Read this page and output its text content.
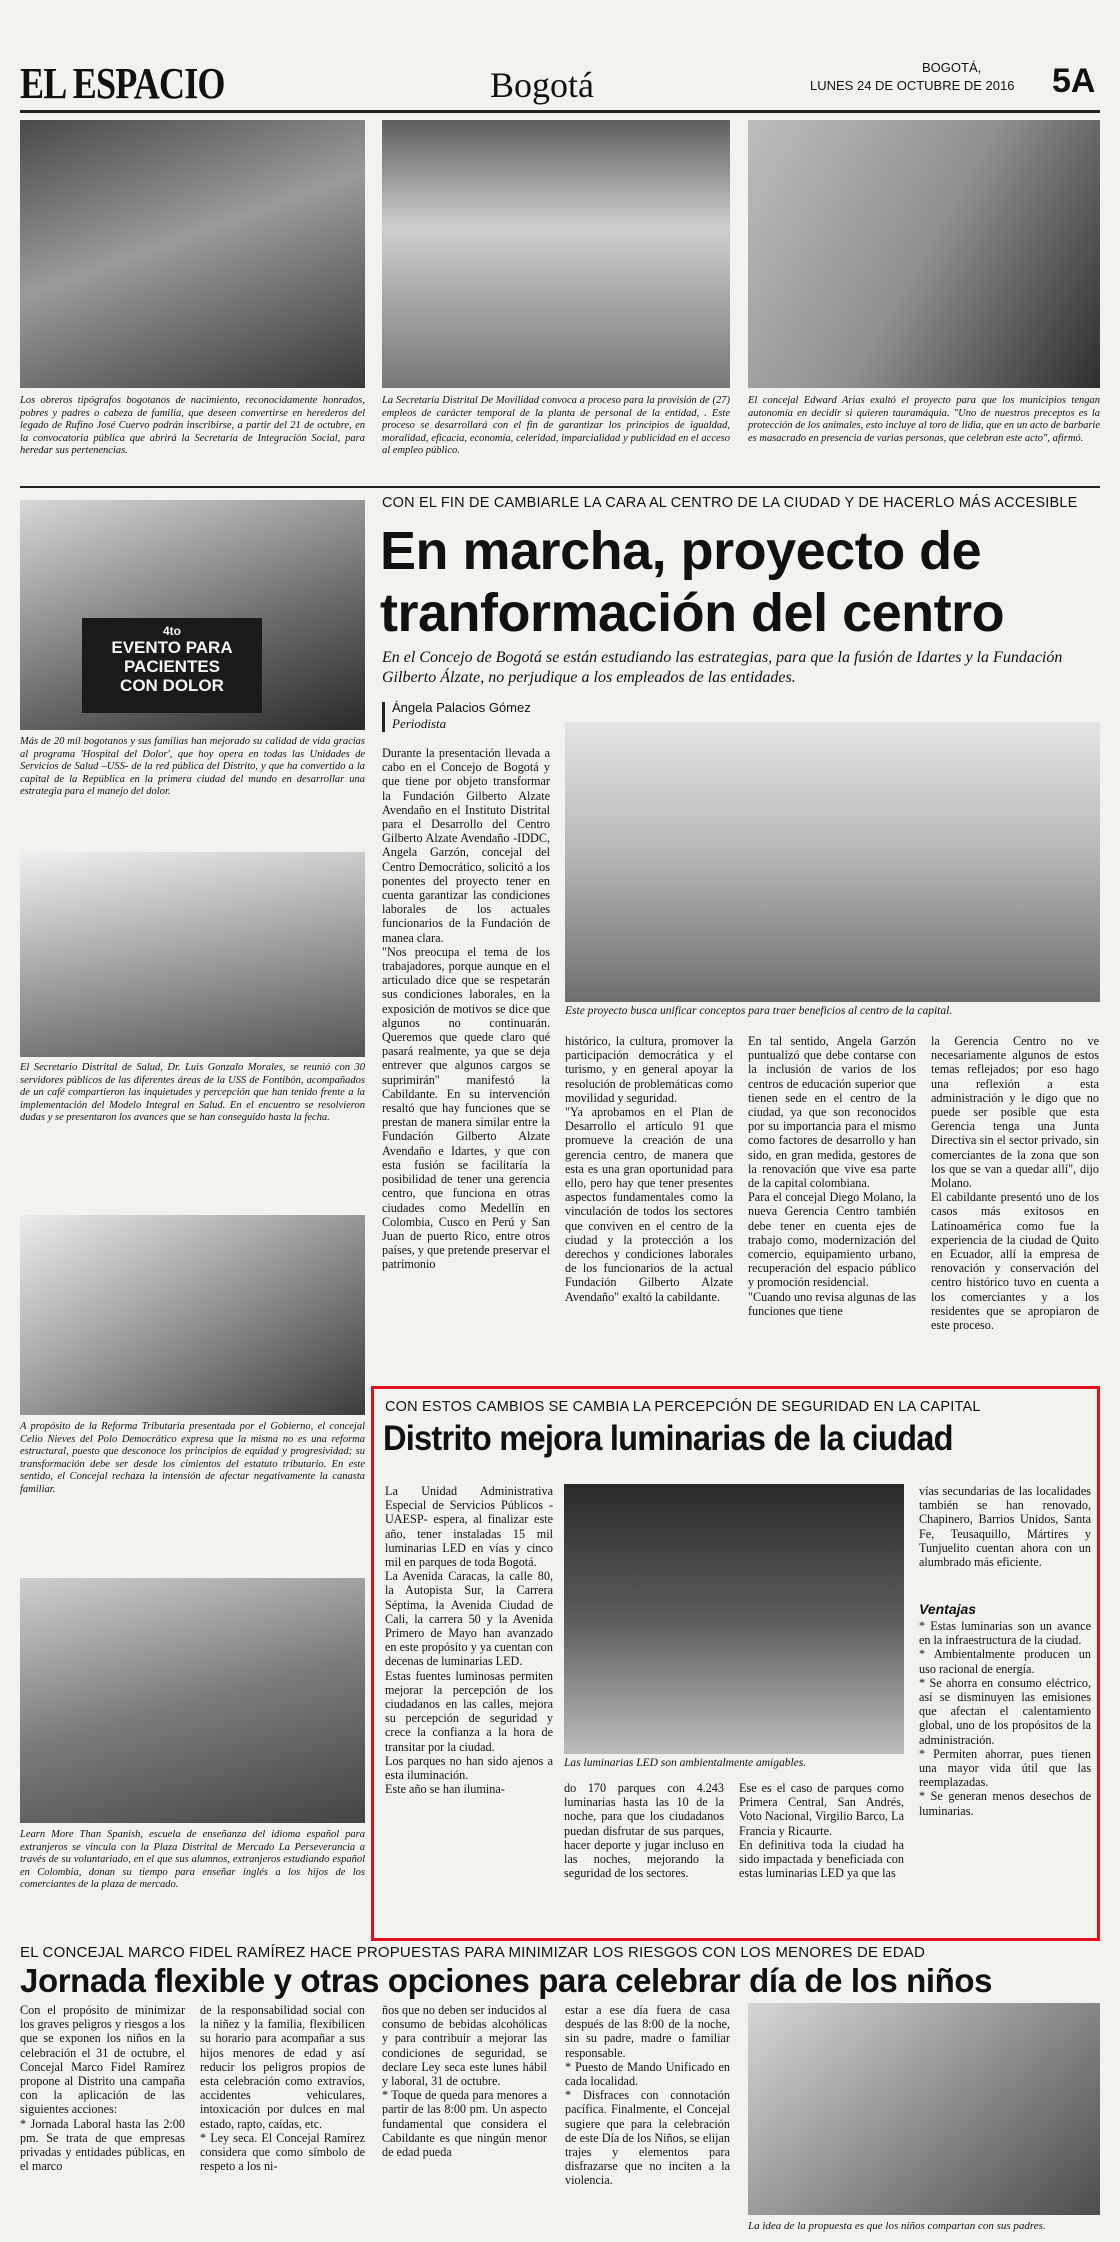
EL ESPACIO	Bogotá	BOGOTÁ,
LUNES 24 DE OCTUBRE DE 2016 5A
Los obreros tipógrafos bogotanos de nacimiento, reconocidamente honrados, pobres y padres o cabeza de familia, que deseen convertirse en herederos del legado de Rufino José Cuervo podrán inscribirse, a partir del 21 de octubre, en la convocatoria pública que abrirá la Secretaría de Integración Social, para heredar sus pertenencias.
La Secretaría Distrital De Movilidad convoca a proceso para la provisión de (27) empleos de carácter temporal de la planta de personal de la entidad, . Este proceso se desarrollará con el fin de garantizar los principios de igualdad, moralidad, eficacia, economía, celeridad, imparcialidad y publicidad en el acceso al empleo público.
El concejal Edward Arias exaltó el proyecto para que los municipios tengan autonomía en decidir si quieren tauramáquia. "Uno de nuestros preceptos es la protección de los animales, esto incluye al toro de lidia, que en un acto de barbarie es masacrado en presencia de varias personas, que celebran este acto", afirmó.
4to
EVENTO PARA
PACIENTES
CON DOLOR
Más de 20 mil bogotanos y sus familias han mejorado su calidad de vida gracias al programa 'Hospital del Dolor', que hoy opera en todas las Unidades de Servicios de Salud –USS- de la red pública del Distrito, y que ha convertido a la capital de la República en la primera ciudad del mundo en desarrollar una estrategia para el manejo del dolor.
El Secretario Distrital de Salud, Dr. Luis Gonzalo Morales, se reunió con 30 servidores públicos de las diferentes áreas de la USS de Fontibón, acompañados de un café compartieron las inquietudes y percepción que han tenido frente a la implementación del Modelo Integral en Salud. En el encuentro se resolvieron dudas y se presentaron los avances que se han conseguido hasta la fecha.
A propósito de la Reforma Tributaria presentada por el Gobierno, el concejal Celio Nieves del Polo Democrático expresa que la misma no es una reforma estructural, puesto que desconoce los principios de equidad y progresividad; su transformación debe ser desde los cimientos del estatuto tributario. En este sentido, el Concejal rechaza la intensión de afectar negativamente la canasta familiar.
Learn More Than Spanish, escuela de enseñanza del idioma español para extranjeros se vincula con la Plaza Distrital de Mercado La Perseverancia a través de su voluntariado, en el que sus alumnos, extranjeros estudiando español en Colombia, donan su tiempo para enseñar inglés a los hijos de los comerciantes de la plaza de mercado.
CON EL FIN DE CAMBIARLE LA CARA AL CENTRO DE LA CIUDAD Y DE HACERLO MÁS ACCESIBLE
En marcha, proyecto de
tranformación del centro
En el Concejo de Bogotá se están estudiando las estrategias, para que la fusión de Idartes y la Fundación Gilberto Álzate, no perjudique a los empleados de las entidades.
Ángela Palacios Gómez
Periodista
Este proyecto busca unificar conceptos para traer beneficios al centro de la capital.
Durante la presentación llevada a cabo en el Concejo de Bogotá y que tiene por objeto transformar la Fundación Gilberto Alzate Avendaño en el Instituto Distrital para el Desarrollo del Centro Gilberto Alzate Avendaño -IDDC, Angela Garzón, concejal del Centro Democrático, solicitó a los ponentes del proyecto tener en cuenta garantizar las condiciones laborales de los actuales funcionarios de la Fundación de manea clara.
"Nos preocupa el tema de los trabajadores, porque aunque en el articulado dice que se respetarán sus condiciones laborales, en la exposición de motivos se dice que algunos no continuarán. Queremos que quede claro qué pasará realmente, ya que se deja entrever que algunos cargos se suprimirán" manifestó la Cabildante. En su intervención resaltó que hay funciones que se prestan de manera similar entre la Fundación Gilberto Alzate Avendaño e Idartes, y que con esta fusión se facilitaría la posibilidad de tener una gerencia centro, que funciona en otras ciudades como Medellín en Colombia, Cusco en Perú y San Juan de puerto Rico, entre otros países, y que pretende preservar el patrimonio
histórico, la cultura, promover la participación democrática y el turismo, y en general apoyar la resolución de problemáticas como movilidad y seguridad.
"Ya aprobamos en el Plan de Desarrollo el artículo 91 que promueve la creación de una gerencia centro, de manera que esta es una gran oportunidad para ello, pero hay que tener presentes aspectos fundamentales como la vinculación de todos los sectores que conviven en el centro de la ciudad y la protección a los derechos y condiciones laborales de los funcionarios de la actual Fundación Gilberto Alzate Avendaño" exaltó la cabildante.
En tal sentido, Angela Garzón puntualizó que debe contarse con la inclusión de varios de los centros de educación superior que tienen sede en el centro de la ciudad, ya que son reconocidos por su importancia para el mismo como factores de desarrollo y han sido, en gran medida, gestores de la renovación que vive esa parte de la capital colombiana.
Para el concejal Diego Molano, la nueva Gerencia Centro también debe tener en cuenta ejes de trabajo como, modernización del comercio, equipamiento urbano, recuperación del espacio público y promoción residencial.
"Cuando uno revisa algunas de las funciones que tiene
la Gerencia Centro no ve necesariamente algunos de estos temas reflejados; por eso hago una reflexión a esta administración y le digo que no puede ser posible que esta Gerencia tenga una Junta Directiva sin el sector privado, sin comerciantes de la zona que son los que se van a quedar allí", dijo Molano.
El cabildante presentó uno de los casos más exitosos en Latinoamérica como fue la experiencia de la ciudad de Quito en Ecuador, allí la empresa de renovación y conservación del centro histórico tuvo en cuenta a los comerciantes y a los residentes que se apropiaron de este proceso.
CON ESTOS CAMBIOS SE CAMBIA LA PERCEPCIÓN DE SEGURIDAD EN LA CAPITAL
Distrito mejora luminarias de la ciudad
La Unidad Administrativa Especial de Servicios Públicos -UAESP- espera, al finalizar este año, tener instaladas 15 mil luminarias LED en vías y cinco mil en parques de toda Bogotá.
La Avenida Caracas, la calle 80, la Autopista Sur, la Carrera Séptima, la Avenida Ciudad de Cali, la carrera 50 y la Avenida Primero de Mayo han avanzado en este propósito y ya cuentan con decenas de luminarias LED.
Estas fuentes luminosas permiten mejorar la percepción de los ciudadanos en las calles, mejora su percepción de seguridad y crece la confianza a la hora de transitar por la ciudad.
Los parques no han sido ajenos a esta iluminación.
Este año se han ilumina-
Las luminarias LED son ambientalmente amigables.
do 170 parques con 4.243 luminarias hasta las 10 de la noche, para que los ciudadanos puedan disfrutar de sus parques, hacer deporte y jugar incluso en las noches, mejorando la seguridad de los sectores.
Ese es el caso de parques como Primera Central, San Andrés, Voto Nacional, Virgilio Barco, La Francia y Ricaurte.
En definitiva toda la ciudad ha sido impactada y beneficiada con estas luminarias LED ya que las
vías secundarias de las localidades también se han renovado, Chapinero, Barrios Unidos, Santa Fe, Teusaquillo, Mártires y Tunjuelito cuentan ahora con un alumbrado más eficiente.
Ventajas
* Estas luminarias son un avance en la infraestructura de la ciudad.
* Ambientalmente producen un uso racional de energía.
* Se ahorra en consumo eléctrico, así se disminuyen las emisiones que afectan el calentamiento global, uno de los propósitos de la administración.
* Permiten ahorrar, pues tienen una mayor vida útil que las reemplazadas.
* Se generan menos desechos de luminarias.
EL CONCEJAL MARCO FIDEL RAMÍREZ HACE PROPUESTAS PARA MINIMIZAR LOS RIESGOS CON LOS MENORES DE EDAD
Jornada flexible y otras opciones para celebrar día de los niños
Con el propósito de minimizar los graves peligros y riesgos a los que se exponen los niños en la celebración el 31 de octubre, el Concejal Marco Fidel Ramírez propone al Distrito una campaña con la aplicación de las siguientes acciones:
* Jornada Laboral hasta las 2:00 pm. Se trata de que empresas privadas y entidades públicas, en el marco
de la responsabilidad social con la niñez y la familia, flexibilicen su horario para acompañar a sus hijos menores de edad y así reducir los peligros propios de esta celebración como extravíos, accidentes vehiculares, intoxicación por dulces en mal estado, rapto, caídas, etc.
* Ley seca. El Concejal Ramírez considera que como símbolo de respeto a los ni-
ños que no deben ser inducidos al consumo de bebidas alcohólicas y para contribuir a mejorar las condiciones de seguridad, se declare Ley seca este lunes hábil y laboral, 31 de octubre.
* Toque de queda para menores a partir de las 8:00 pm. Un aspecto fundamental que considera el Cabildante es que ningún menor de edad pueda
estar a ese día fuera de casa después de las 8:00 de la noche, sin su padre, madre o familiar responsable.
* Puesto de Mando Unificado en cada localidad.
* Disfraces con connotación pacífica. Finalmente, el Concejal sugiere que para la celebración de este Día de los Niños, se elijan trajes y elementos para disfrazarse que no inciten a la violencia.
La idea de la propuesta es que los niños compartan con sus padres.
